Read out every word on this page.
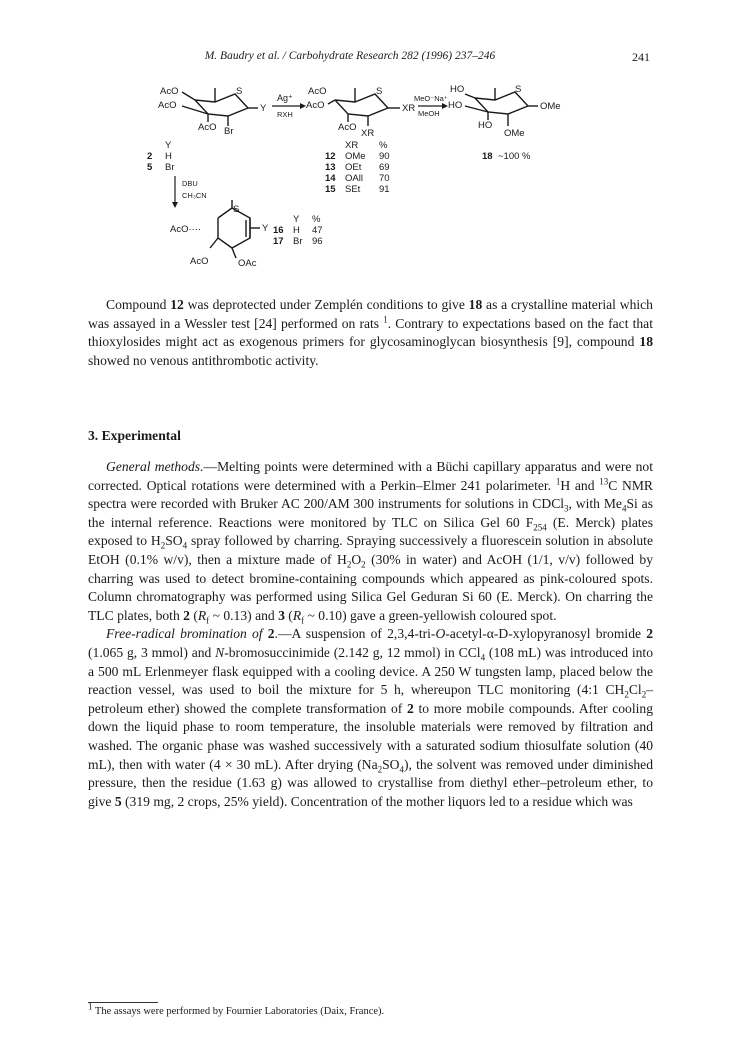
M. Baudry et al. / Carbohydrate Research 282 (1996) 237–246	241
AcO
AcO
AcO
S
Y
Br
Ag⁺
RXH
AcO
AcO
AcO
S
XR
XR
MeO⁻Na⁺
MeOH
HO
HO
HO
S
OMe
OMe
Y
2 H
5 Br
XR %
12 OMe 90
13 OEt 69
14 OAll 70
15 SEt 91
18 ~100 %
DBU
CH₃CN
S
AcO····
AcO	OAc
Y
Y %
16 H 47
17 Br 96

Compound 12 was deprotected under Zemplén conditions to give 18 as a crystalline material which was assayed in a Wessler test [24] performed on rats $^1$. Contrary to expectations based on the fact that thioxylosides might act as exogenous primers for glycosaminoglycan biosynthesis [9], compound 18 showed no venous antithrombotic activity.

3. Experimental

General methods.—Melting points were determined with a Büchi capillary apparatus and were not corrected. Optical rotations were determined with a Perkin–Elmer 241 polarimeter. $^1$H and $^{13}$C NMR spectra were recorded with Bruker AC 200/AM 300 instruments for solutions in CDCl$_3$, with $Me_4Si$ as the internal reference. Reactions were monitored by TLC on Silica Gel 60 $F_{254}$ (E. Merck) plates exposed to $H_2SO_4$ spray followed by charring. Spraying successively a fluorescein solution in absolute EtOH (0.1% w/v), then a mixture made of $H_2O_2$ (30% in water) and AcOH (1/1, v/v) followed by charring was used to detect bromine-containing compounds which appeared as pink-coloured spots. Column chromatography was performed using Silica Gel Geduran Si 60 (E. Merck). On charring the TLC plates, both 2 ($R_f$ ~ 0.13) and 3 ($R_f$ ~ 0.10) gave a green-yellowish coloured spot.

Free-radical bromination of 2.—A suspension of 2,3,4-tri-O-acetyl-α-D-xylopyranosyl bromide 2 (1.065 g, 3 mmol) and N-bromosuccinimide (2.142 g, 12 mmol) in CCl$_4$ (108 mL) was introduced into a 500 mL Erlenmeyer flask equipped with a cooling device. A 250 W tungsten lamp, placed below the reaction vessel, was used to boil the mixture for 5 h, whereupon TLC monitoring (4:1 $CH_2Cl_2$–petroleum ether) showed the complete transformation of 2 to more mobile compounds. After cooling down the liquid phase to room temperature, the insoluble materials were removed by filtration and washed. The organic phase was washed successively with a saturated sodium thiosulfate solution (40 mL), then with water (4 × 30 mL). After drying $(Na_2SO_4)$, the solvent was removed under diminished pressure, then the residue (1.63 g) was allowed to crystallise from diethyl ether–petroleum ether, to give 5 (319 mg, 2 crops, 25% yield). Concentration of the mother liquors led to a residue which was

$^1$ The assays were performed by Fournier Laboratories (Daix, France).
